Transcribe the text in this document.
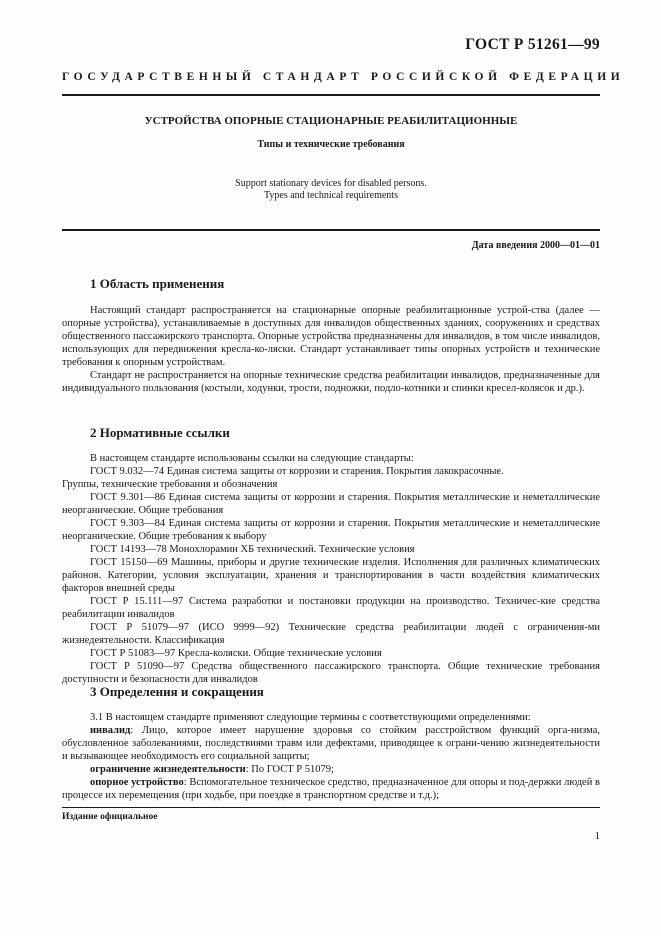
ГОСТ Р 51261—99
ГОСУДАРСТВЕННЫЙ СТАНДАРТ РОССИЙСКОЙ ФЕДЕРАЦИИ
УСТРОЙСТВА ОПОРНЫЕ СТАЦИОНАРНЫЕ РЕАБИЛИТАЦИОННЫЕ
Типы и технические требования
Support stationary devices for disabled persons.
Types and technical requirements
Дата введения 2000—01—01
1 Область применения

Настоящий стандарт распространяется на стационарные опорные реабилитационные устрой-ства (далее — опорные устройства), устанавливаемые в доступных для инвалидов общественных зданиях, сооружениях и средствах общественного пассажирского транспорта. Опорные устройства предназначены для инвалидов, в том числе инвалидов, использующих для передвижения кресла-ко-ляски. Стандарт устанавливает типы опорных устройств и технические требования к опорным устройствам.

Стандарт не распространяется на опорные технические средства реабилитации инвалидов, предназначенные для индивидуального пользования (костыли, ходунки, трости, подножки, подло-котники и спинки кресел-колясок и др.).

2 Нормативные ссылки

В настоящем стандарте использованы ссылки на следующие стандарты:

ГОСТ 9.032—74 Единая система защиты от коррозии и старения. Покрытия лакокрасочные.

Группы, технические требования и обозначения

ГОСТ 9.301—86 Единая система защиты от коррозии и старения. Покрытия металлические и неметаллические неорганические. Общие требования

ГОСТ 9.303—84 Единая система защиты от коррозии и старения. Покрытия металлические и неметаллические неорганические. Общие требования к выбору

ГОСТ 14193—78 Монохлорамин ХБ технический. Технические условия

ГОСТ 15150—69 Машины, приборы и другие технические изделия. Исполнения для различных климатических районов. Категории, условия эксплуатации, хранения и транспортирования в части воздействия климатических факторов внешней среды

ГОСТ Р 15.111—97 Система разработки и постановки продукции на производство. Техничес-кие средства реабилитации инвалидов

ГОСТ Р 51079—97 (ИСО 9999—92) Технические средства реабилитации людей с ограничения-ми жизнедеятельности. Классификация

ГОСТ Р 51083—97 Кресла-коляски. Общие технические условия

ГОСТ Р 51090—97 Средства общественного пассажирского транспорта. Общие технические требования доступности и безопасности для инвалидов

3 Определения и сокращения

3.1 В настоящем стандарте применяют следующие термины с соответствующими определениями:

инвалид: Лицо, которое имеет нарушение здоровья со стойким расстройством функций орга-низма, обусловленное заболеваниями, последствиями травм или дефектами, приводящее к ограни-чению жизнедеятельности и вызывающее необходимость его социальной защиты;

ограничение жизнедеятельности: По ГОСТ Р 51079;

опорное устройство: Вспомогательное техническое средство, предназначенное для опоры и под-держки людей в процессе их перемещения (при ходьбе, при поездке в транспортном средстве и т.д.);

Издание официальное
1
